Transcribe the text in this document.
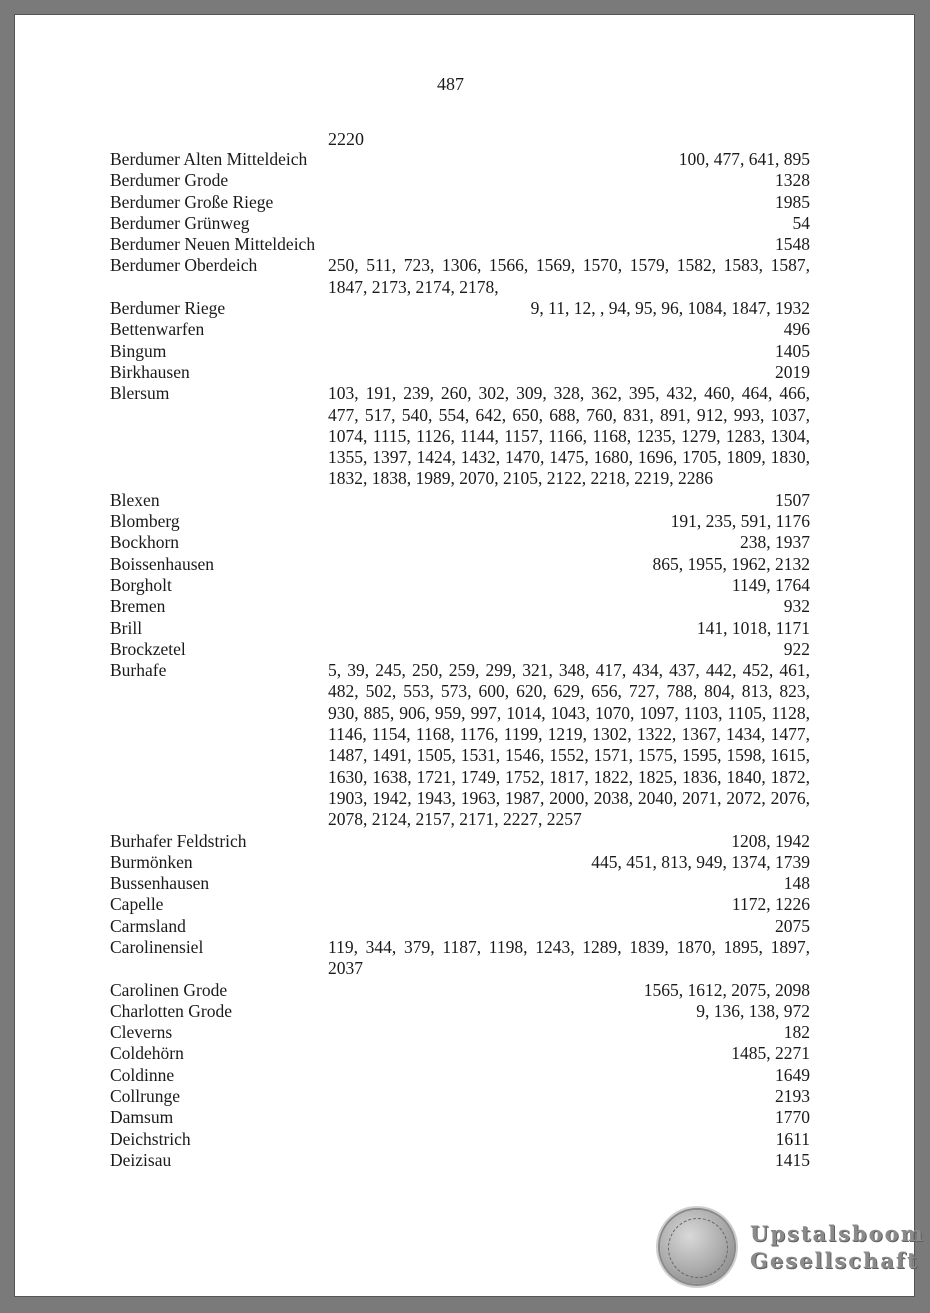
487
2220
Berdumer Alten Mitteldeich	100, 477, 641, 895
Berdumer Grode	1328
Berdumer Große Riege	1985
Berdumer Grünweg	54
Berdumer Neuen Mitteldeich	1548
Berdumer Oberdeich	250, 511, 723, 1306, 1566, 1569, 1570, 1579, 1582, 1583, 1587, 1847, 2173, 2174, 2178,
Berdumer Riege	9, 11, 12, , 94, 95, 96, 1084, 1847, 1932
Bettenwarfen	496
Bingum	1405
Birkhausen	2019
Blersum	103, 191, 239, 260, 302, 309, 328, 362, 395, 432, 460, 464, 466, 477, 517, 540, 554, 642, 650, 688, 760, 831, 891, 912, 993, 1037, 1074, 1115, 1126, 1144, 1157, 1166, 1168, 1235, 1279, 1283, 1304, 1355, 1397, 1424, 1432, 1470, 1475, 1680, 1696, 1705, 1809, 1830, 1832, 1838, 1989, 2070, 2105, 2122, 2218, 2219, 2286
Blexen	1507
Blomberg	191, 235, 591, 1176
Bockhorn	238, 1937
Boissenhausen	865, 1955, 1962, 2132
Borgholt	1149, 1764
Bremen	932
Brill	141, 1018, 1171
Brockzetel	922
Burhafe	5, 39, 245, 250, 259, 299, 321, 348, 417, 434, 437, 442, 452, 461, 482, 502, 553, 573, 600, 620, 629, 656, 727, 788, 804, 813, 823, 930, 885, 906, 959, 997, 1014, 1043, 1070, 1097, 1103, 1105, 1128, 1146, 1154, 1168, 1176, 1199, 1219, 1302, 1322, 1367, 1434, 1477, 1487, 1491, 1505, 1531, 1546, 1552, 1571, 1575, 1595, 1598, 1615, 1630, 1638, 1721, 1749, 1752, 1817, 1822, 1825, 1836, 1840, 1872, 1903, 1942, 1943, 1963, 1987, 2000, 2038, 2040, 2071, 2072, 2076, 2078, 2124, 2157, 2171, 2227, 2257
Burhafer Feldstrich	1208, 1942
Burmönken	445, 451, 813, 949, 1374, 1739
Bussenhausen	148
Capelle	1172, 1226
Carmsland	2075
Carolinensiel	119, 344, 379, 1187, 1198, 1243, 1289, 1839, 1870, 1895, 1897, 2037
Carolinen Grode	1565, 1612, 2075, 2098
Charlotten Grode	9, 136, 138, 972
Cleverns	182
Coldehörn	1485, 2271
Coldinne	1649
Collrunge	2193
Damsum	1770
Deichstrich	1611
Deizisau	1415
Upstalsboom
Gesellschaft
